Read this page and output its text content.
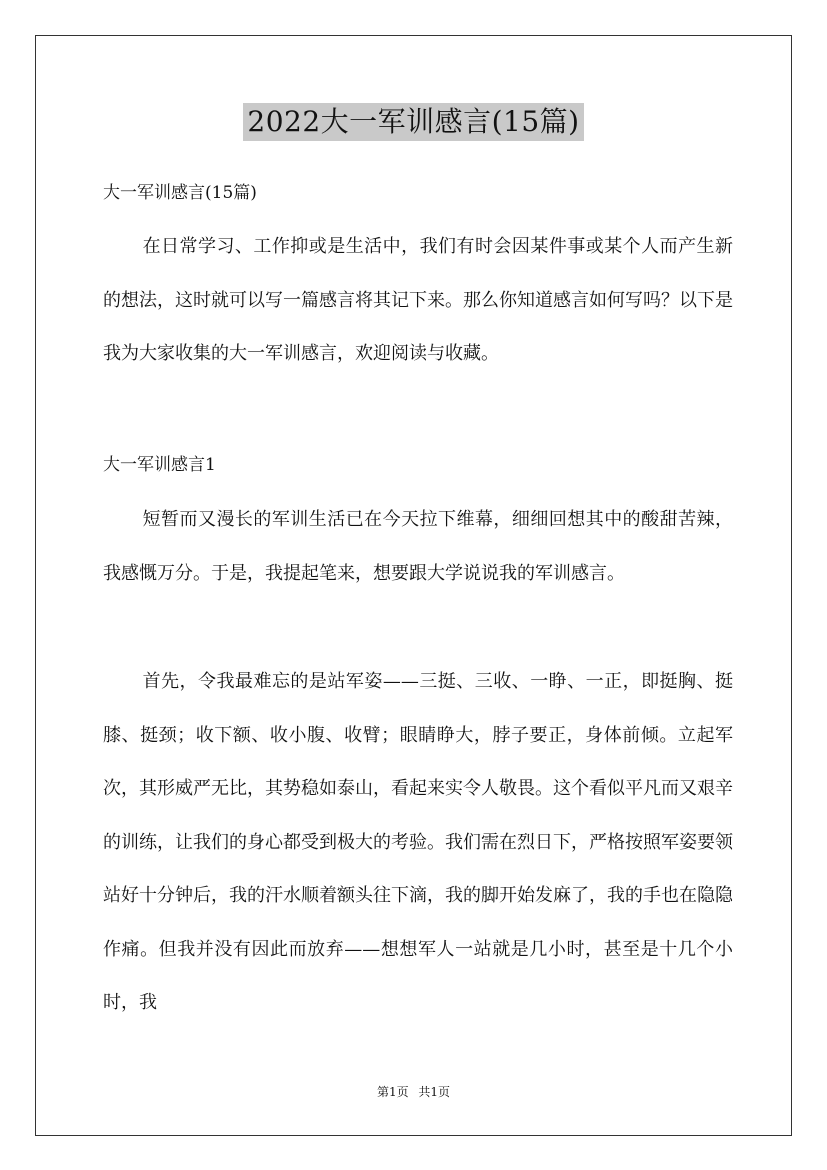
2022大一军训感言(15篇)
大一军训感言(15篇)

在日常学习、工作抑或是生活中，我们有时会因某件事或某个人而产生新的想法，这时就可以写一篇感言将其记下来。那么你知道感言如何写吗？以下是我为大家收集的大一军训感言，欢迎阅读与收藏。

大一军训感言1

短暂而又漫长的军训生活已在今天拉下维幕，细细回想其中的酸甜苦辣，我感慨万分。于是，我提起笔来，想要跟大学说说我的军训感言。

首先，令我最难忘的是站军姿——三挺、三收、一睁、一正，即挺胸、挺膝、挺颈；收下额、收小腹、收臂；眼睛睁大，脖子要正，身体前倾。立起军次，其形威严无比，其势稳如泰山，看起来实令人敬畏。这个看似平凡而又艰辛的训练，让我们的身心都受到极大的考验。我们需在烈日下，严格按照军姿要领站好十分钟后，我的汗水顺着额头往下滴，我的脚开始发麻了，我的手也在隐隐作痛。但我并没有因此而放弃——想想军人一站就是几小时，甚至是十几个小时，我

第1页 共1页
